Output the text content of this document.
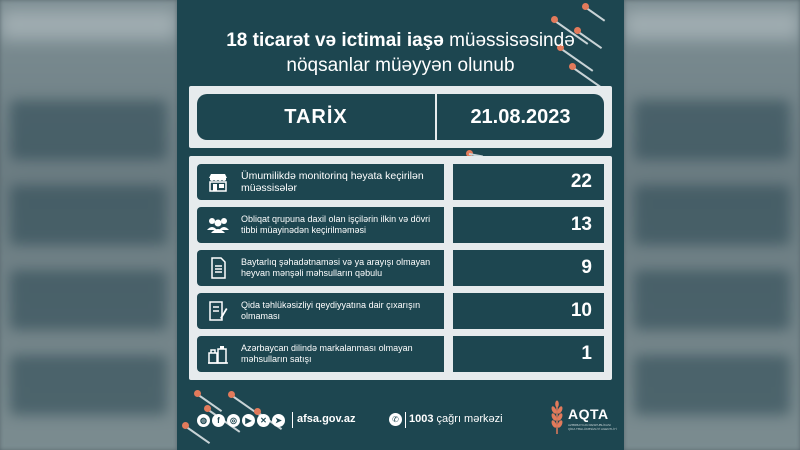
18 ticarət və ictimai iaşə müəssisəsində
nöqsanlar müəyyən olunub
TARİX	21.08.2023
Ümumilikdə monitorinq həyata keçirilən müəssisələr	22
Obliqat qrupuna daxil olan işçilərin ilkin və dövri tibbi müayinədən keçirilməməsi	13
Baytarlıq şəhadətnaməsi və ya arayışı olmayan heyvan mənşəli məhsulların qəbulu	9
Qida təhlükəsizliyi qeydiyyatına dair çıxarışın olmaması	10
Azərbaycan dilində markalanması olmayan məhsulların satışı	1
◍	f	◎	▶	✕	➤ afsa.gov.az	✆ 1003 çağrı mərkəzi	AQTA
AZƏRBAYCAN RESPUBLİKASI QİDA TƏHLÜKƏSİZLİYİ AGENTLİYİ
